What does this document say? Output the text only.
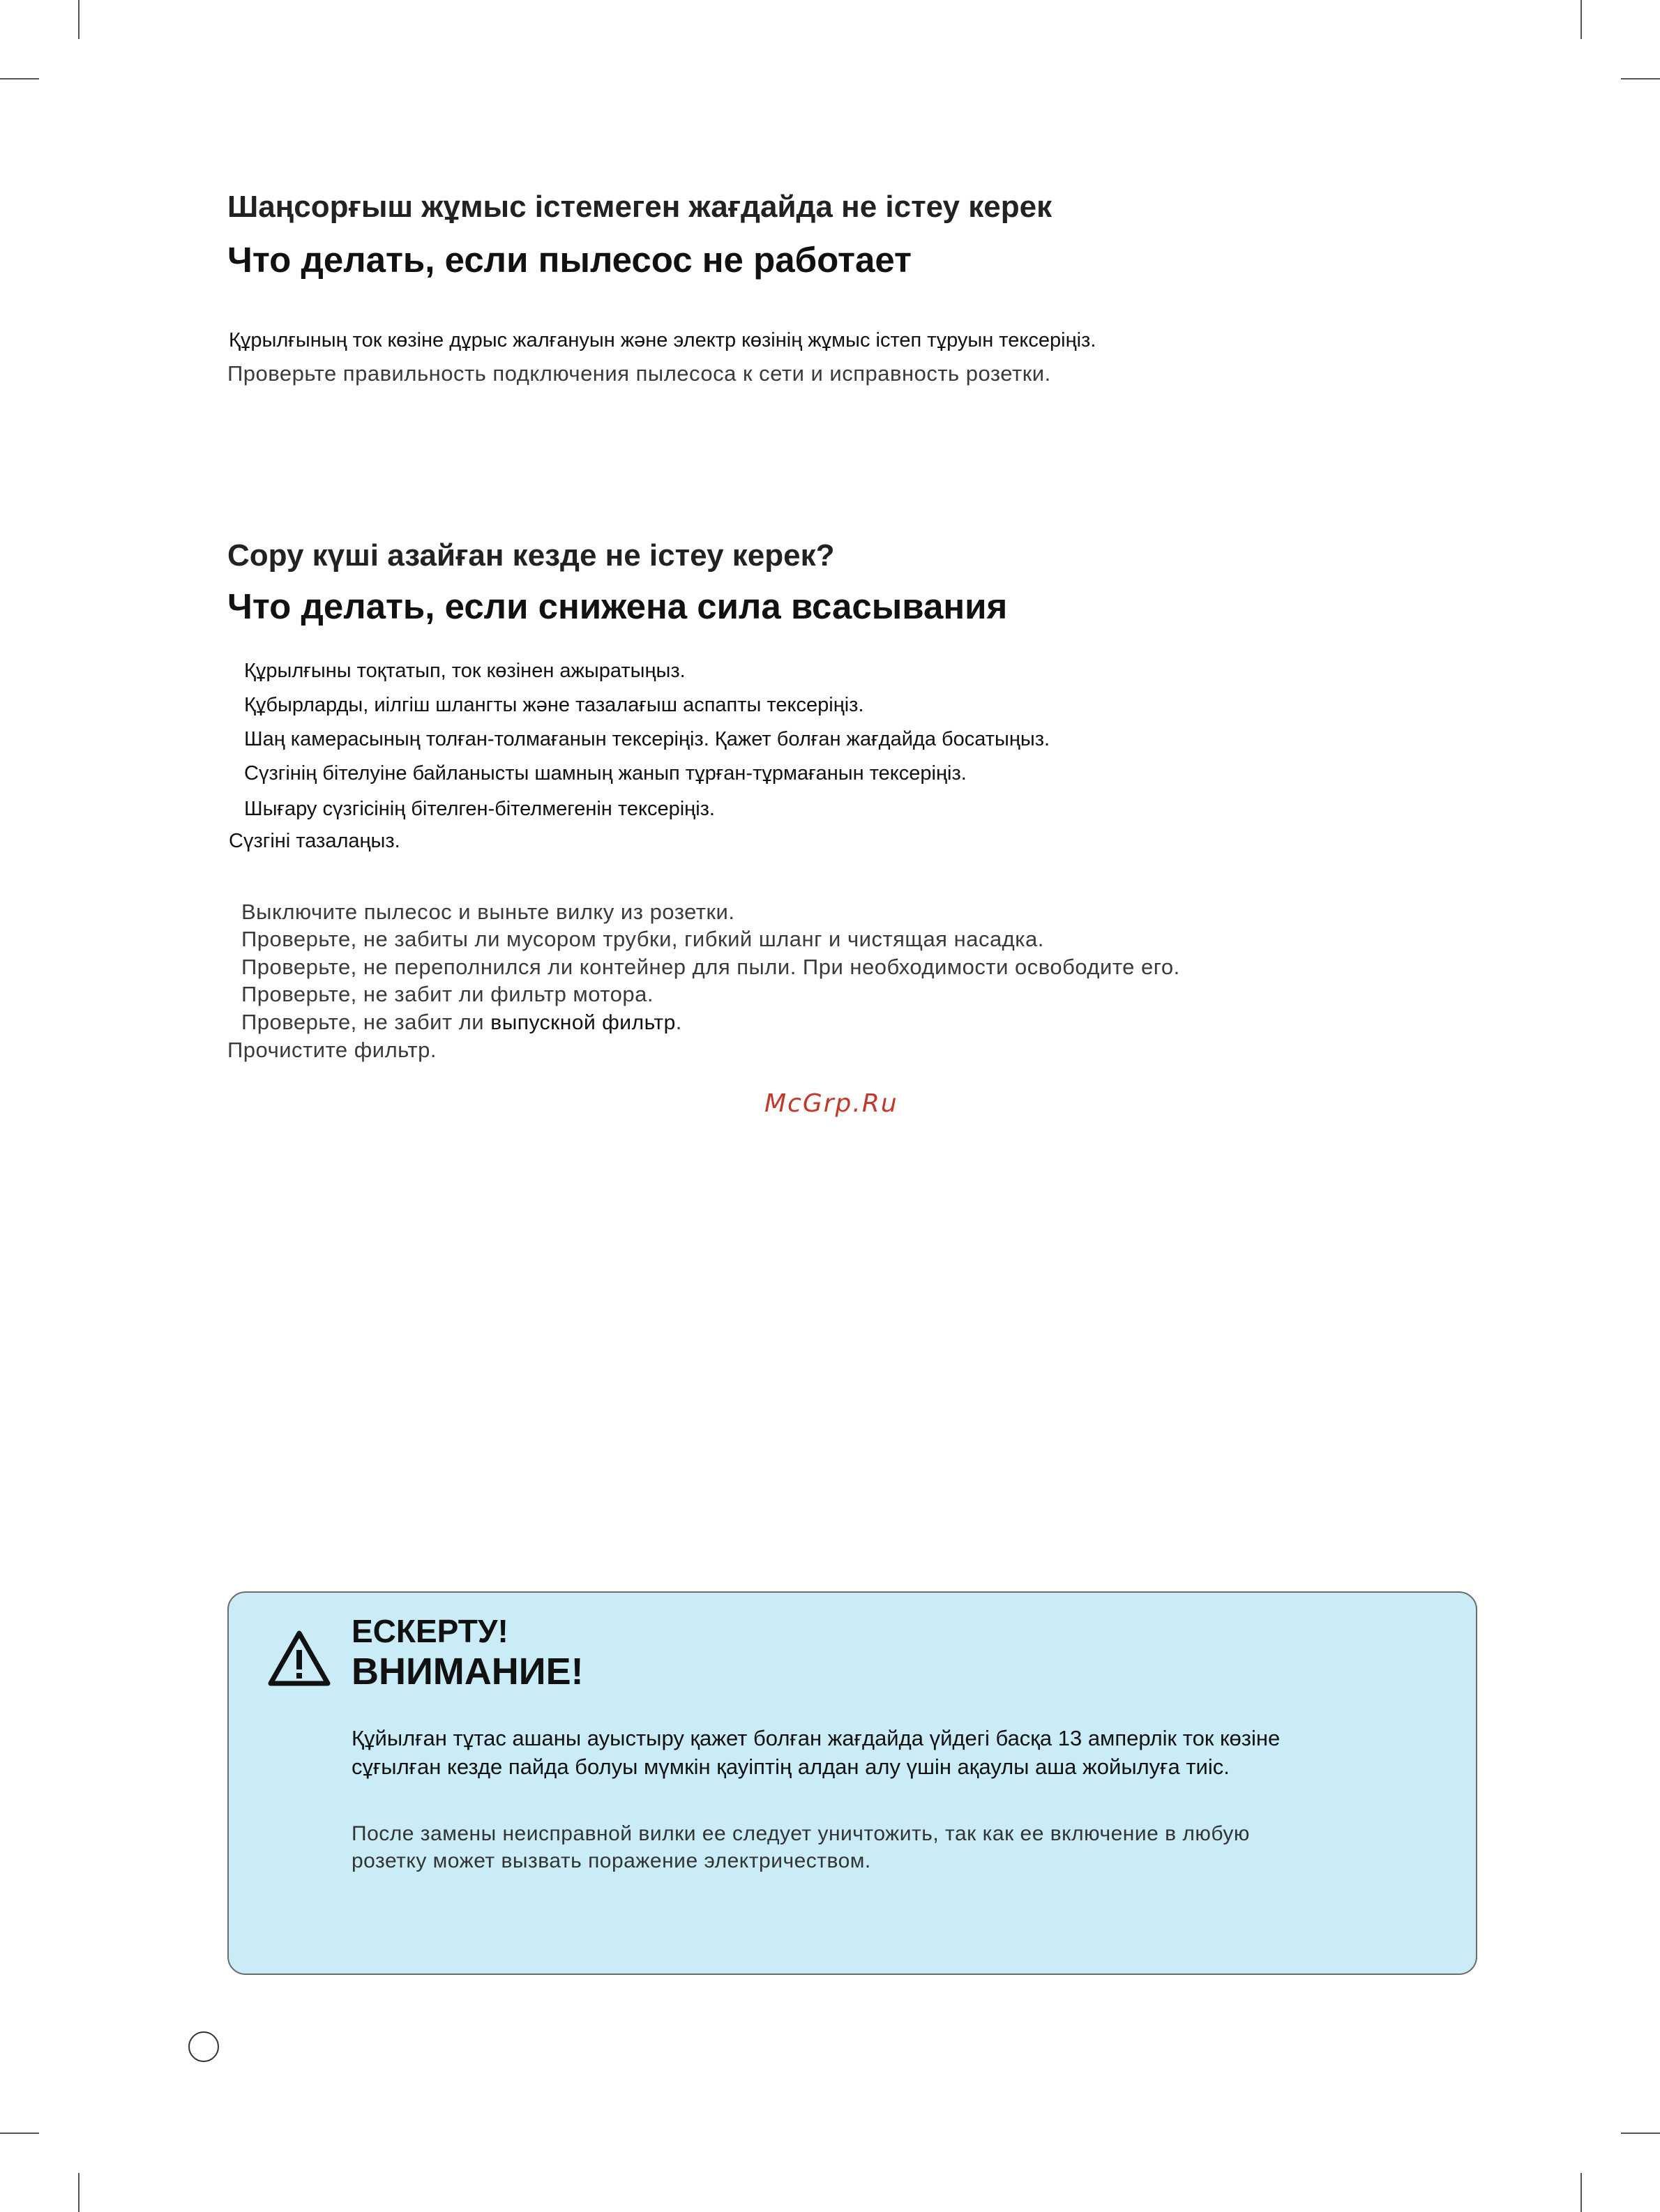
Шаңсорғыш жұмыс істемеген жағдайда не істеу керек
Что делать, если пылесос не работает

Құрылғының ток көзіне дұрыс жалғануын және электр көзінің жұмыс істеп тұруын тексеріңіз.

Проверьте правильность подключения пылесоса к сети и исправность розетки.

Сору күші азайған кезде не істеу керек?
Что делать, если снижена сила всасывания

Құрылғыны тоқтатып, ток көзінен ажыратыңыз.

Құбырларды, иілгіш шлангты және тазалағыш аспапты тексеріңіз.

Шаң камерасының толған-толмағанын тексеріңіз. Қажет болған жағдайда босатыңыз.

Сүзгінің бітелуіне байланысты шамның жанып тұрған-тұрмағанын тексеріңіз.

Шығару сүзгісінің бітелген-бітелмегенін тексеріңіз.

Сүзгіні тазалаңыз.

Выключите пылесос и выньте вилку из розетки.

Проверьте, не забиты ли мусором трубки, гибкий шланг и чистящая насадка.

Проверьте, не переполнился ли контейнер для пыли. При необходимости освободите его.

Проверьте, не забит ли фильтр мотора.

Проверьте, не забит ли выпускной фильтр.

Прочистите фильтр.

McGrp.Ru

ЕСКЕРТУ!
ВНИМАНИЕ!

Құйылған тұтас ашаны ауыстыру қажет болған жағдайда үйдегі басқа 13 амперлік ток көзіне
сұғылған кезде пайда болуы мүмкін қауіптің алдан алу үшін ақаулы аша жойылуға тиіс.

После замены неисправной вилки ее следует уничтожить, так как ее включение в любую
розетку может вызвать поражение электричеством.
